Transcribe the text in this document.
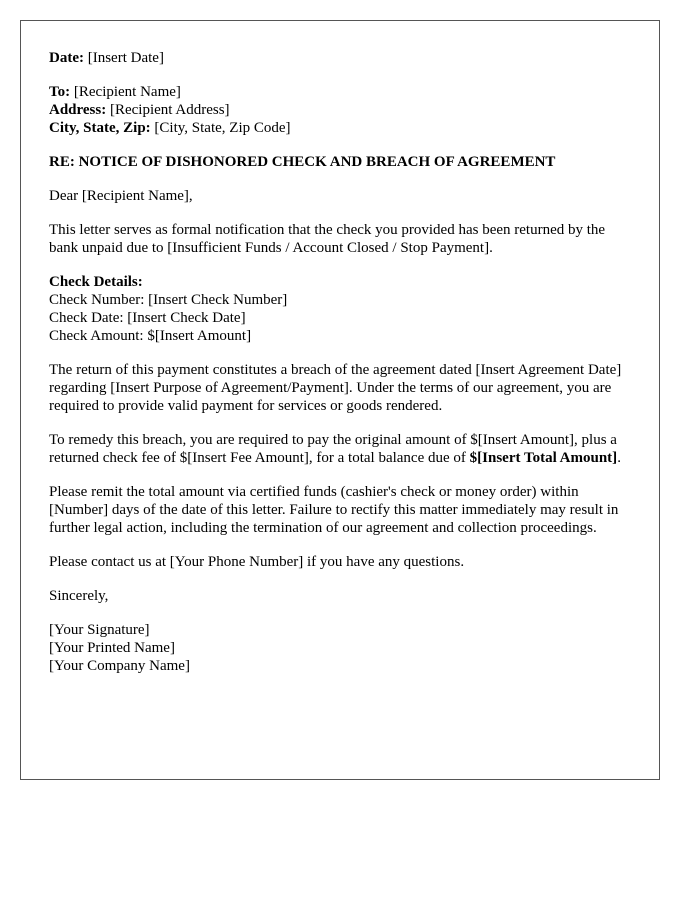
Date: [Insert Date]

To: [Recipient Name]

Address: [Recipient Address]

City, State, Zip: [City, State, Zip Code]

RE: NOTICE OF DISHONORED CHECK AND BREACH OF AGREEMENT

Dear [Recipient Name],

This letter serves as formal notification that the check you provided has been returned by the bank unpaid due to [Insufficient Funds / Account Closed / Stop Payment].

Check Details:

Check Number: [Insert Check Number]

Check Date: [Insert Check Date]

Check Amount: $[Insert Amount]

The return of this payment constitutes a breach of the agreement dated [Insert Agreement Date] regarding [Insert Purpose of Agreement/Payment]. Under the terms of our agreement, you are required to provide valid payment for services or goods rendered.

To remedy this breach, you are required to pay the original amount of $[Insert Amount], plus a returned check fee of $[Insert Fee Amount], for a total balance due of $[Insert Total Amount].

Please remit the total amount via certified funds (cashier's check or money order) within [Number] days of the date of this letter. Failure to rectify this matter immediately may result in further legal action, including the termination of our agreement and collection proceedings.

Please contact us at [Your Phone Number] if you have any questions.

Sincerely,

[Your Signature]
[Your Printed Name]
[Your Company Name]
